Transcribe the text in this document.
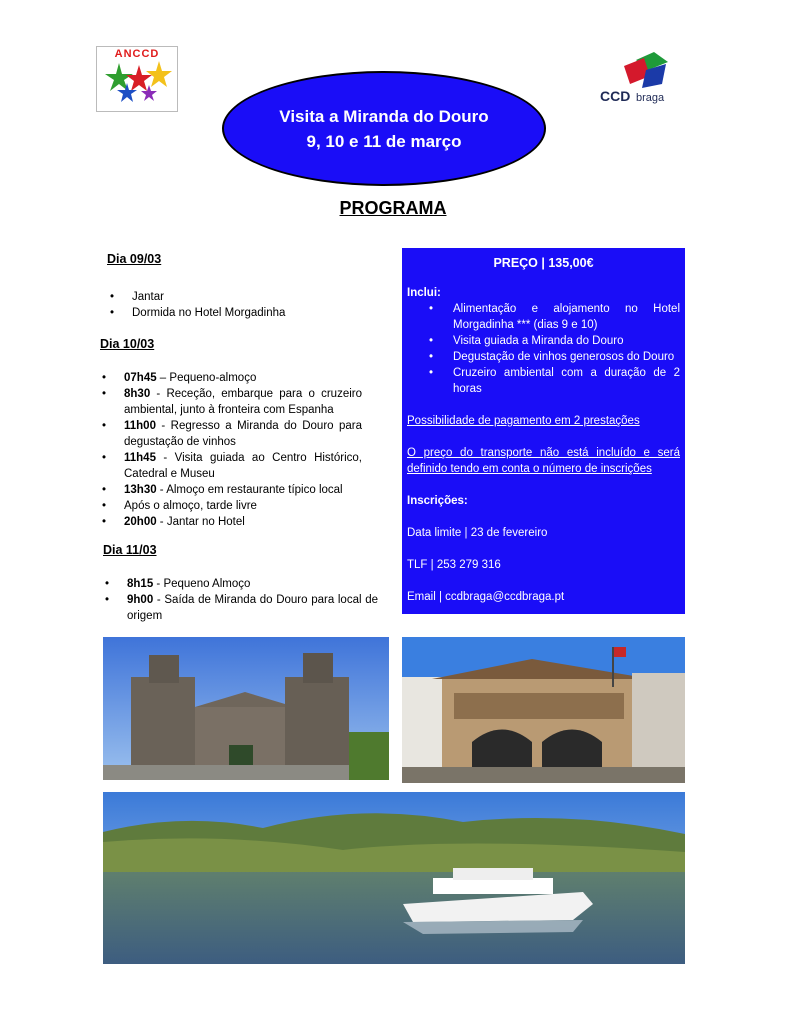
ANCCD
CCD braga
Visita a Miranda do Douro
9, 10 e 11 de março
PROGRAMA
Dia 09/03
• Jantar
• Dormida no Hotel Morgadinha
Dia 10/03
• 07h45 – Pequeno-almoço
• 8h30 - Receção, embarque para o cruzeiro ambiental, junto à fronteira com Espanha
• 11h00 - Regresso a Miranda do Douro para degustação de vinhos
• 11h45 - Visita guiada ao Centro Histórico, Catedral e Museu
• 13h30 - Almoço em restaurante típico local
• Após o almoço, tarde livre
• 20h00 - Jantar no Hotel
Dia 11/03
• 8h15 - Pequeno Almoço
• 9h00 - Saída de Miranda do Douro para local de origem
PREÇO | 135,00€
Inclui:
• Alimentação e alojamento no Hotel Morgadinha *** (dias 9 e 10)
• Visita guiada a Miranda do Douro
• Degustação de vinhos generosos do Douro
• Cruzeiro ambiental com a duração de 2 horas
Possibilidade de pagamento em 2 prestações
O preço do transporte não está incluído e será definido tendo em conta o número de inscrições
Inscrições:
Data limite | 23 de fevereiro
TLF | 253 279 316
Email | ccdbraga@ccdbraga.pt
